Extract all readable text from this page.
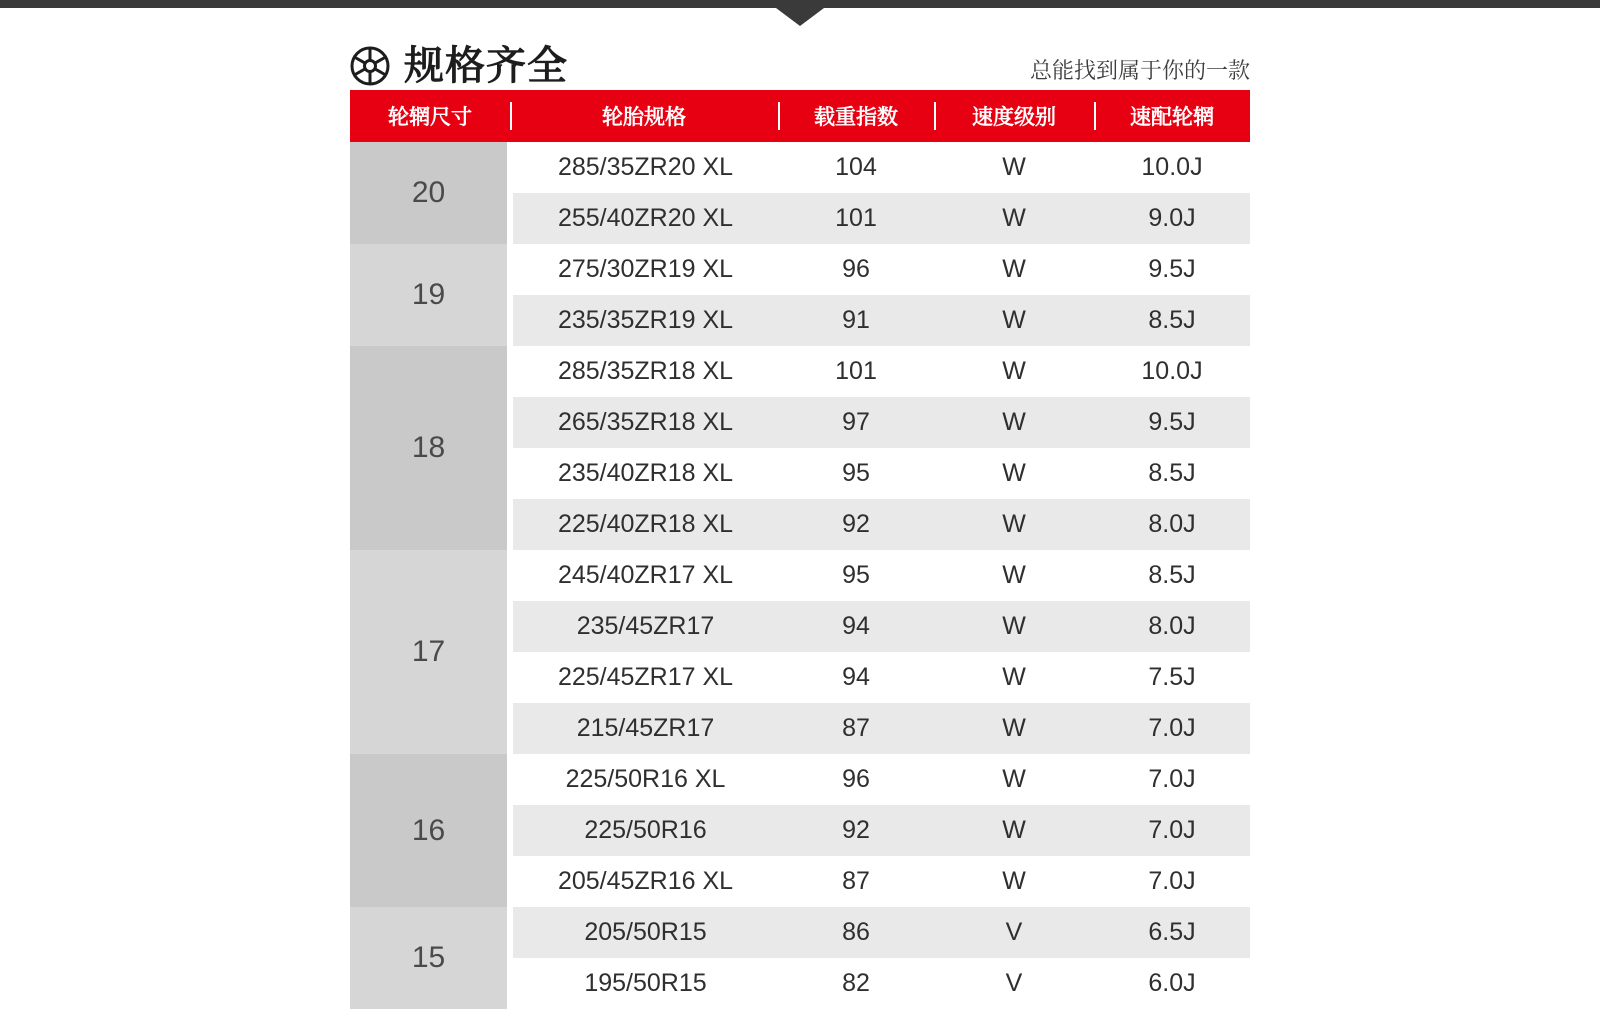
规格齐全	总能找到属于你的一款
轮辋尺寸	轮胎规格	载重指数	速度级别	速配轮辋
20	285/35ZR20 XL	104	W	10.0J
	255/40ZR20 XL	101	W	9.0J
19	275/30ZR19 XL	96	W	9.5J
	235/35ZR19 XL	91	W	8.5J
18	285/35ZR18 XL	101	W	10.0J
	265/35ZR18 XL	97	W	9.5J
	235/40ZR18 XL	95	W	8.5J
	225/40ZR18 XL	92	W	8.0J
17	245/40ZR17 XL	95	W	8.5J
	235/45ZR17	94	W	8.0J
	225/45ZR17 XL	94	W	7.5J
	215/45ZR17	87	W	7.0J
16	225/50R16 XL	96	W	7.0J
	225/50R16	92	W	7.0J
	205/45ZR16 XL	87	W	7.0J
15	205/50R15	86	V	6.5J
	195/50R15	82	V	6.0J
